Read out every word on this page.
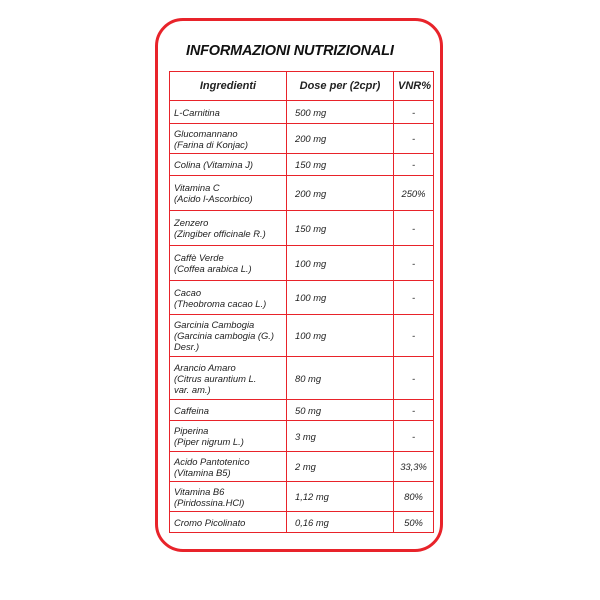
INFORMAZIONI NUTRIZIONALI
Ingredienti	Dose per (2cpr)	VNR%

L-Carnitina	500 mg	-

Glucomannano
(Farina di Konjac)	200 mg	-

Colina (Vitamina J)	150 mg	-

Vitamina C
(Acido l-Ascorbico)	200 mg	250%

Zenzero
(Zingiber officinale R.)	150 mg	-

Caffè Verde
(Coffea arabica L.)	100 mg	-

Cacao
(Theobroma cacao L.)	100 mg	-

Garcinia Cambogia
(Garcinia cambogia (G.)
Desr.)	100 mg	-

Arancio Amaro
(Citrus aurantium L.
var. am.)	80 mg	-

Caffeina	50 mg	-

Piperina
(Piper nigrum L.)	3 mg	-

Acido Pantotenico
(Vitamina B5)	2 mg	33,3%

Vitamina B6
(Piridossina.HCl)	1,12 mg	80%

Cromo Picolinato	0,16 mg	50%
